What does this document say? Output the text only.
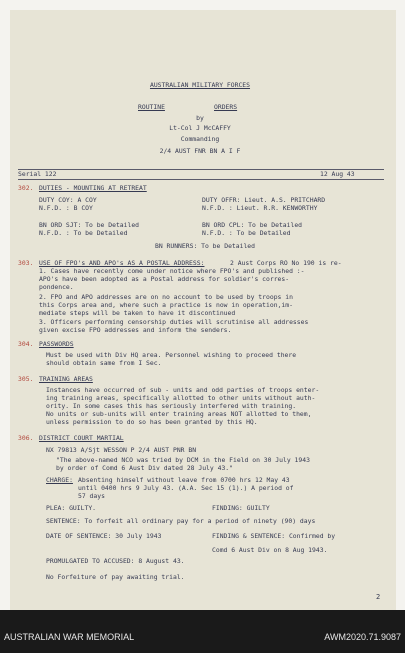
AUSTRALIAN MILITARY FORCES
ROUTINE	ORDERS
by
Lt-Col J McCAFFY
Commanding
2/4 AUST FNR BN A I F
Serial 122	12 Aug 43
302. DUTIES - MOUNTING AT RETREAT
DUTY COY: A COY	DUTY OFFR: Lieut. A.S. PRITCHARD
N.F.D. : B COY	N.F.D. : Lieut. R.R. KENWORTHY
BN ORD SJT: To be Detailed	BN ORD CPL: To be Detailed
N.F.D. : To be Detailed	N.F.D. : To be Detailed
BN RUNNERS: To be Detailed
303. USE OF FPO's AND APO's AS A POSTAL ADDRESS:	2 Aust Corps RO No 190 is re-
1. Cases have recently come under notice where FPO's and published :-
APO's have been adopted as a Postal address for soldier's corres-
pondence.
2. FPO and APO addresses are on no account to be used by troops in
this Corps area and, where such a practice is now in operation,im-
mediate steps will be taken to have it discontinued
3. Officers performing censorship duties will scrutinise all addresses
given excise FPO addresses and inform the senders.
304. PASSWORDS
Must be used with Div HQ area. Personnel wishing to proceed there
should obtain same from I Sec.
305. TRAINING AREAS
Instances have occurred of sub - units and odd parties of troops enter-
ing training areas, specifically allotted to other units without auth-
ority. In some cases this has seriously interfered with training.
No units or sub-units will enter training areas NOT allotted to them,
unless permission to do so has been granted by this HQ.
306. DISTRICT COURT MARTIAL
NX 79813 A/Sjt WESSON P 2/4 AUST PNR BN
"The above-named NCO was tried by DCM in the Field on 30 July 1943
by order of Comd 6 Aust Div dated 28 July 43."
CHARGE: Absenting himself without leave from 0700 hrs 12 May 43
until 0400 hrs 9 July 43. (A.A. Sec 15 (1).) A period of
57 days
PLEA: GUILTY.	FINDING: GUILTY
SENTENCE: To forfeit all ordinary pay for a period of ninety (90) days
DATE OF SENTENCE: 30 July 1943	FINDING & SENTENCE: Confirmed by
Comd 6 Aust Div on 8 Aug 1943.
PROMULGATED TO ACCUSED: 8 August 43.
No Forfeiture of pay awaiting trial.
2
AUSTRALIAN WAR MEMORIAL	AWM2020.71.9087
